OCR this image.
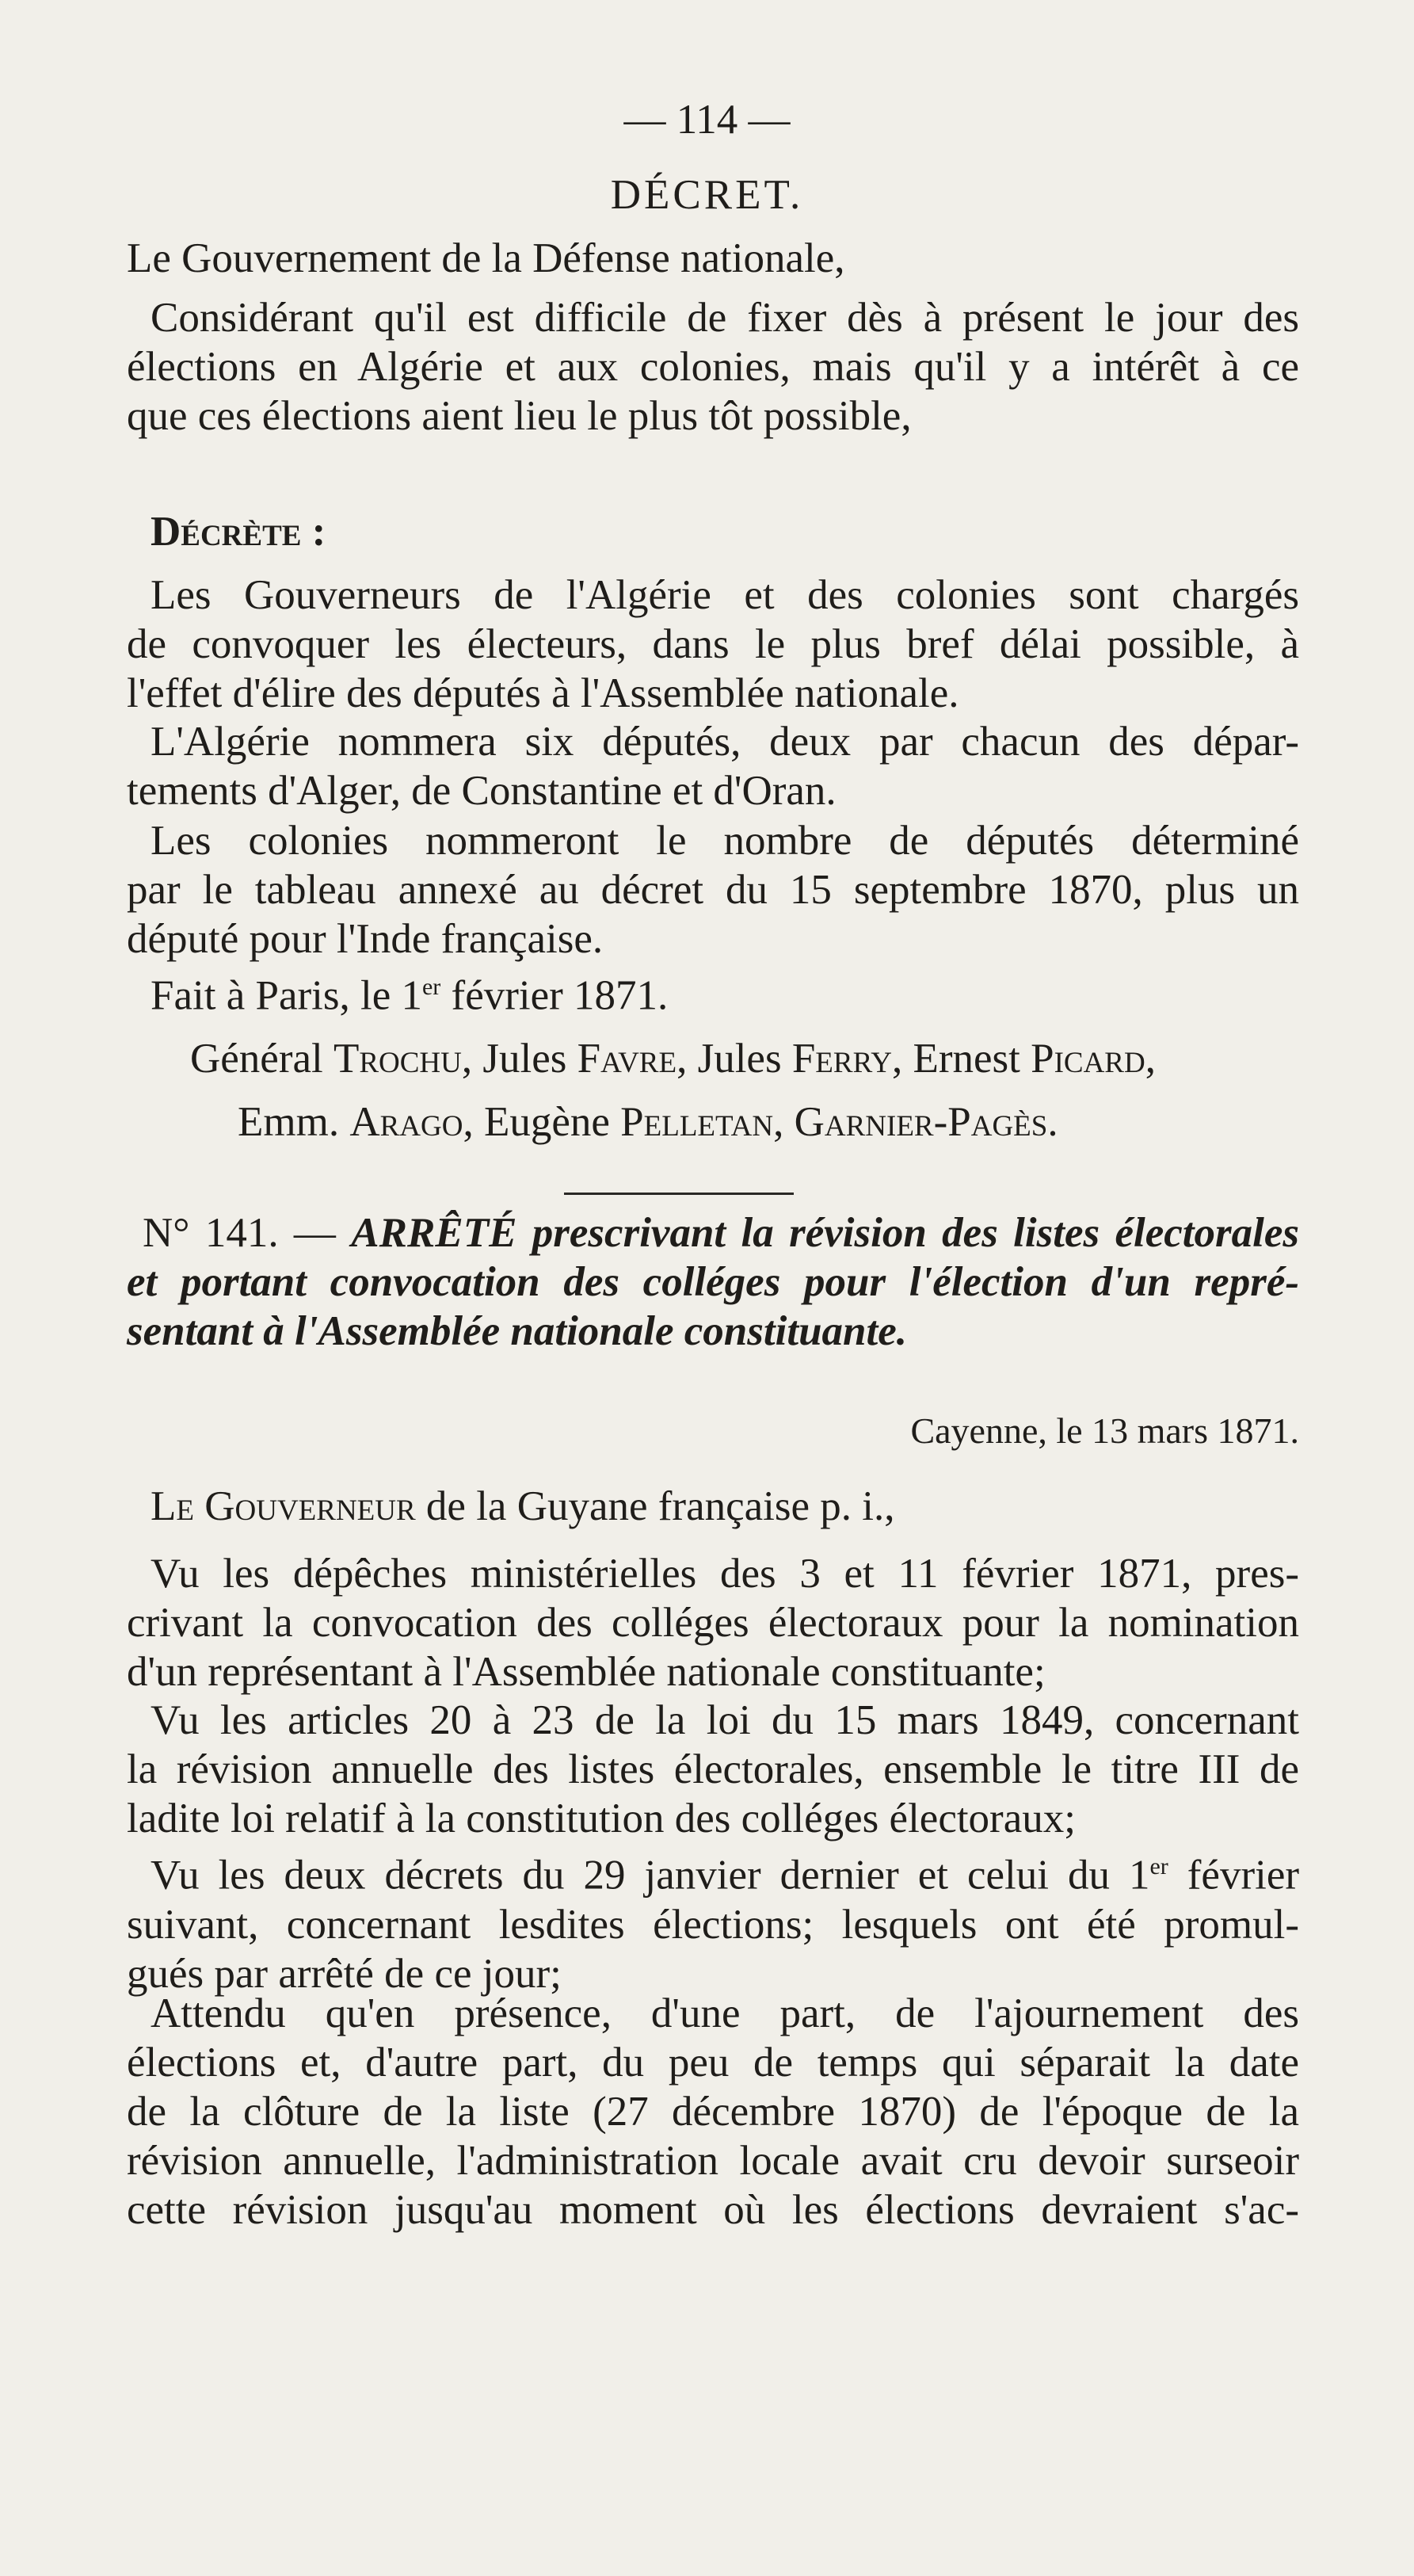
— 114 —
DÉCRET.
Le Gouvernement de la Défense nationale,
Considérant qu'il est difficile de fixer dès à présent le jour des
élections en Algérie et aux colonies, mais qu'il y a intérêt à ce
que ces élections aient lieu le plus tôt possible,
Décrète :
Les Gouverneurs de l'Algérie et des colonies sont chargés
de convoquer les électeurs, dans le plus bref délai possible, à
l'effet d'élire des députés à l'Assemblée nationale.
L'Algérie nommera six députés, deux par chacun des dépar-
tements d'Alger, de Constantine et d'Oran.
Les colonies nommeront le nombre de députés déterminé
par le tableau annexé au décret du 15 septembre 1870, plus un
député pour l'Inde française.
Fait à Paris, le 1er février 1871.
Général Trochu, Jules Favre, Jules Ferry, Ernest Picard,
Emm. Arago, Eugène Pelletan, Garnier-Pagès.
N° 141. — ARRÊTÉ prescrivant la révision des listes électorales
et portant convocation des colléges pour l'élection d'un repré-
sentant à l'Assemblée nationale constituante.
Cayenne, le 13 mars 1871.
Le Gouverneur de la Guyane française p. i.,
Vu les dépêches ministérielles des 3 et 11 février 1871, pres-
crivant la convocation des colléges électoraux pour la nomination
d'un représentant à l'Assemblée nationale constituante;
Vu les articles 20 à 23 de la loi du 15 mars 1849, concernant
la révision annuelle des listes électorales, ensemble le titre III de
ladite loi relatif à la constitution des colléges électoraux;
Vu les deux décrets du 29 janvier dernier et celui du 1er février
suivant, concernant lesdites élections; lesquels ont été promul-
gués par arrêté de ce jour;
Attendu qu'en présence, d'une part, de l'ajournement des
élections et, d'autre part, du peu de temps qui séparait la date
de la clôture de la liste (27 décembre 1870) de l'époque de la
révision annuelle, l'administration locale avait cru devoir surseoir
cette révision jusqu'au moment où les élections devraient s'ac-
